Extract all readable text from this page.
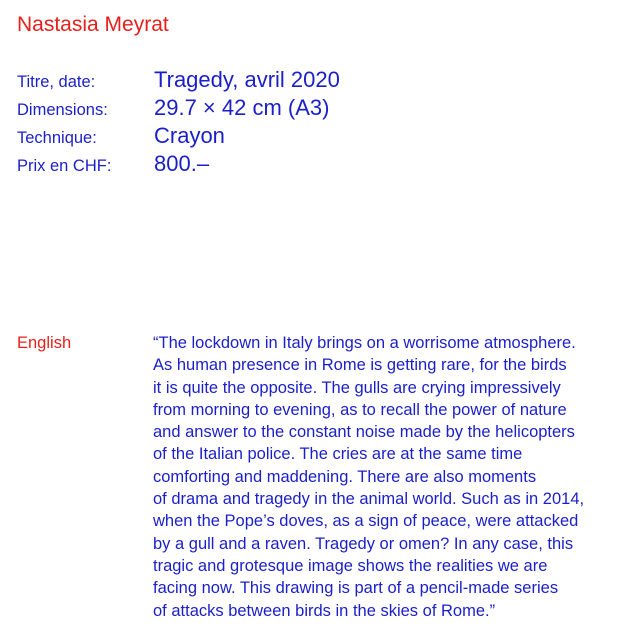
Nastasia Meyrat
Titre, date:	Tragedy, avril 2020
Dimensions: 29.7 × 42 cm (A3)
Technique:	Crayon
Prix en CHF: 800.–
English	“The lockdown in Italy brings on a worrisome atmosphere.
As human presence in Rome is getting rare, for the birds
it is quite the opposite. The gulls are crying impressively
from morning to evening, as to recall the power of nature
and answer to the constant noise made by the helicopters
of the Italian police. The cries are at the same time
comforting and maddening. There are also moments
of drama and tragedy in the animal world. Such as in 2014,
when the Pope’s doves, as a sign of peace, were attacked
by a gull and a raven. Tragedy or omen? In any case, this
tragic and grotesque image shows the realities we are
facing now. This drawing is part of a pencil-made series
of attacks between birds in the skies of Rome.”
